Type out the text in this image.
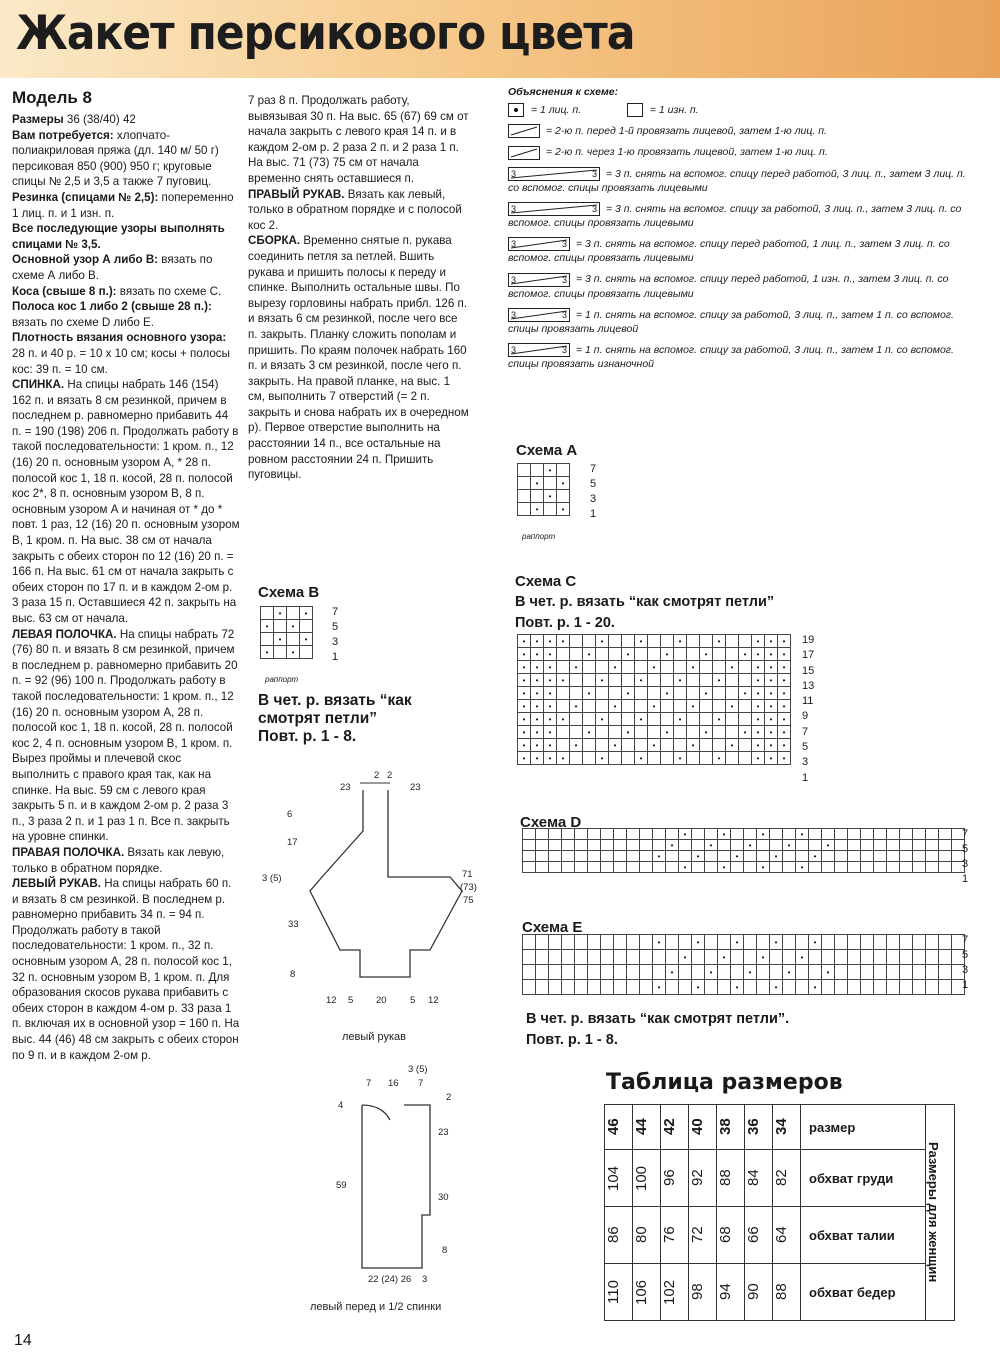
Жакет персикового цвета
Модель 8

Размеры 36 (38/40) 42

Вам потребуется: хлопчато-полиакриловая пряжа (дл. 140 м/ 50 г) персиковая 850 (900) 950 г; круговые спицы № 2,5 и 3,5 а также 7 пуговиц.

Резинка (спицами № 2,5): попеременно 1 лиц. п. и 1 изн. п.

Все последующие узоры выполнять спицами № 3,5.

Основной узор А либо В: вязать по схеме А либо В.

Коса (свыше 8 п.): вязать по схеме С.

Полоса кос 1 либо 2 (свыше 28 п.): вязать по схеме D либо E.

Плотность вязания основного узора: 28 п. и 40 р. = 10 х 10 см; косы + полосы кос: 39 п. = 10 см.

СПИНКА. На спицы набрать 146 (154) 162 п. и вязать 8 см резинкой, причем в последнем р. равномерно прибавить 44 п. = 190 (198) 206 п. Продолжать работу в такой последовательности: 1 кром. п., 12 (16) 20 п. основным узором А, * 28 п. полосой кос 1, 18 п. косой, 28 п. полосой кос 2*, 8 п. основным узором В, 8 п. основным узором А и начиная от * до * повт. 1 раз, 12 (16) 20 п. основным узором В, 1 кром. п. На выс. 38 см от начала закрыть с обеих сторон по 12 (16) 20 п. = 166 п. На выс. 61 см от начала закрыть с обеих сторон по 17 п. и в каждом 2-ом р. 3 раза 15 п. Оставшиеся 42 п. закрыть на выс. 63 см от начала.

ЛЕВАЯ ПОЛОЧКА. На спицы набрать 72 (76) 80 п. и вязать 8 см резинкой, причем в последнем р. равномерно прибавить 20 п. = 92 (96) 100 п. Продолжать работу в такой последовательности: 1 кром. п., 12 (16) 20 п. основным узором А, 28 п. полосой кос 1, 18 п. косой, 28 п. полосой кос 2, 4 п. основным узором В, 1 кром. п. Вырез проймы и плечевой скос выполнить с правого края так, как на спинке. На выс. 59 см с левого края закрыть 5 п. и в каждом 2-ом р. 2 раза 3 п., 3 раза 2 п. и 1 раз 1 п. Все п. закрыть на уровне спинки.

ПРАВАЯ ПОЛОЧКА. Вязать как левую, только в обратном порядке.

ЛЕВЫЙ РУКАВ. На спицы набрать 60 п. и вязать 8 см резинкой. В последнем р. равномерно прибавить 34 п. = 94 п. Продолжать работу в такой последовательности: 1 кром. п., 32 п. основным узором А, 28 п. полосой кос 1, 32 п. основным узором В, 1 кром. п. Для образования скосов рукава прибавить с обеих сторон в каждом 4-ом р. 33 раза 1 п. включая их в основной узор = 160 п. На выс. 44 (46) 48 см закрыть с обеих сторон по 9 п. и в каждом 2-ом р.

7 раз 8 п. Продолжать работу, вывязывая 30 п. На выс. 65 (67) 69 см от начала закрыть с левого края 14 п. и в каждом 2-ом р. 2 раза 2 п. и 2 раза 1 п. На выс. 71 (73) 75 см от начала временно снять оставшиеся п.

ПРАВЫЙ РУКАВ. Вязать как левый, только в обратном порядке и с полосой кос 2.

СБОРКА. Временно снятые п. рукава соединить петля за петлей. Вшить рукава и пришить полосы к переду и спинке. Выполнить остальные швы. По вырезу горловины набрать прибл. 126 п. и вязать 6 см резинкой, после чего все п. закрыть. Планку сложить пополам и пришить. По краям полочек набрать 160 п. и вязать 3 см резинкой, после чего п. закрыть. На правой планке, на выс. 1 см, выполнить 7 отверстий (= 2 п. закрыть и снова набрать их в очередном р). Первое отверстие выполнить на расстоянии 14 п., все остальные на ровном расстоянии 24 п. Пришить пуговицы.

Объяснения к схеме:
= 1 лиц. п.	= 1 изн. п.
= 2-ю п. перед 1-й провязать лицевой, затем 1-ю лиц. п.
= 2-ю п. через 1-ю провязать лицевой, затем 1-ю лиц. п.
3	3 = 3 п. снять на вспомог. спицу перед работой, 3 лиц. п., затем 3 лиц. п. со вспомог. спицы провязать лицевыми
3	3 = 3 п. снять на вспомог. спицу за работой, 3 лиц. п., затем 3 лиц. п. со вспомог. спицы провязать лицевыми
3	3 = 3 п. снять на вспомог. спицу перед работой, 1 лиц. п., затем 3 лиц. п. со вспомог. спицы провязать лицевыми
3	3 = 3 п. снять на вспомог. спицу перед работой, 1 изн. п., затем 3 лиц. п. со вспомог. спицы провязать лицевыми
3	3 = 1 п. снять на вспомог. спицу за работой, 3 лиц. п., затем 1 п. со вспомог. спицы провязать лицевой
3	3 = 1 п. снять на вспомог. спицу за работой, 3 лиц. п., затем 1 п. со вспомог. спицы провязать изнаночной
Схема А
		•	
	•		•
		•	
	•		•
7
5
3
1
раппорт
Схема В
	•		•
•		•	
	•		•
•		•	
7
5
3
1
раппорт
В чет. р. вязать “как
смотрят петли”
Повт. р. 1 - 8.
Схема С
В чет. р. вязать “как смотрят петли”
Повт. р. 1 - 20.
•	•	•	•			•			•			•			•			•	•	•
•	•	•			•			•			•			•			•	•	•	•
•	•	•		•			•			•			•			•		•	•	•
•	•	•	•			•			•			•			•			•	•	•
•	•	•			•			•			•			•			•	•	•	•
•	•	•		•			•			•			•			•		•	•	•
•	•	•	•			•			•			•			•			•	•	•
•	•	•			•			•			•			•			•	•	•	•
•	•	•		•			•			•			•			•		•	•	•
•	•	•	•			•			•			•			•			•	•	•
19
17
15
13
11
9
7
5
3
1
Схема D
												•			•			•			•												
											•			•			•			•			•										
										•			•			•			•			•											
												•			•			•			•												
7
5
3
1
Схема Е
										•			•			•			•			•											
												•			•			•			•												
											•			•			•			•			•										
										•			•			•			•			•											
7
5
3
1
В чет. р. вязать “как смотрят петли”.
Повт. р. 1 - 8.
23
2 2
23
6
17
3 (5)	71
(73)
75
33
8
12 5 20 5 12
левый рукав
3 (5)
7 16 7
4
2
23
59
30
8
22 (24) 26 3
левый перед и 1/2 спинки
Таблица размеров
46	44	42	40	38	36	34	размер	Размеры для женщин

104	100	96	92	88	84	82	обхват груди	

86	80	76	72	68	66	64	обхват талии	

110	106	102	98	94	90	88	обхват бедер	
14
